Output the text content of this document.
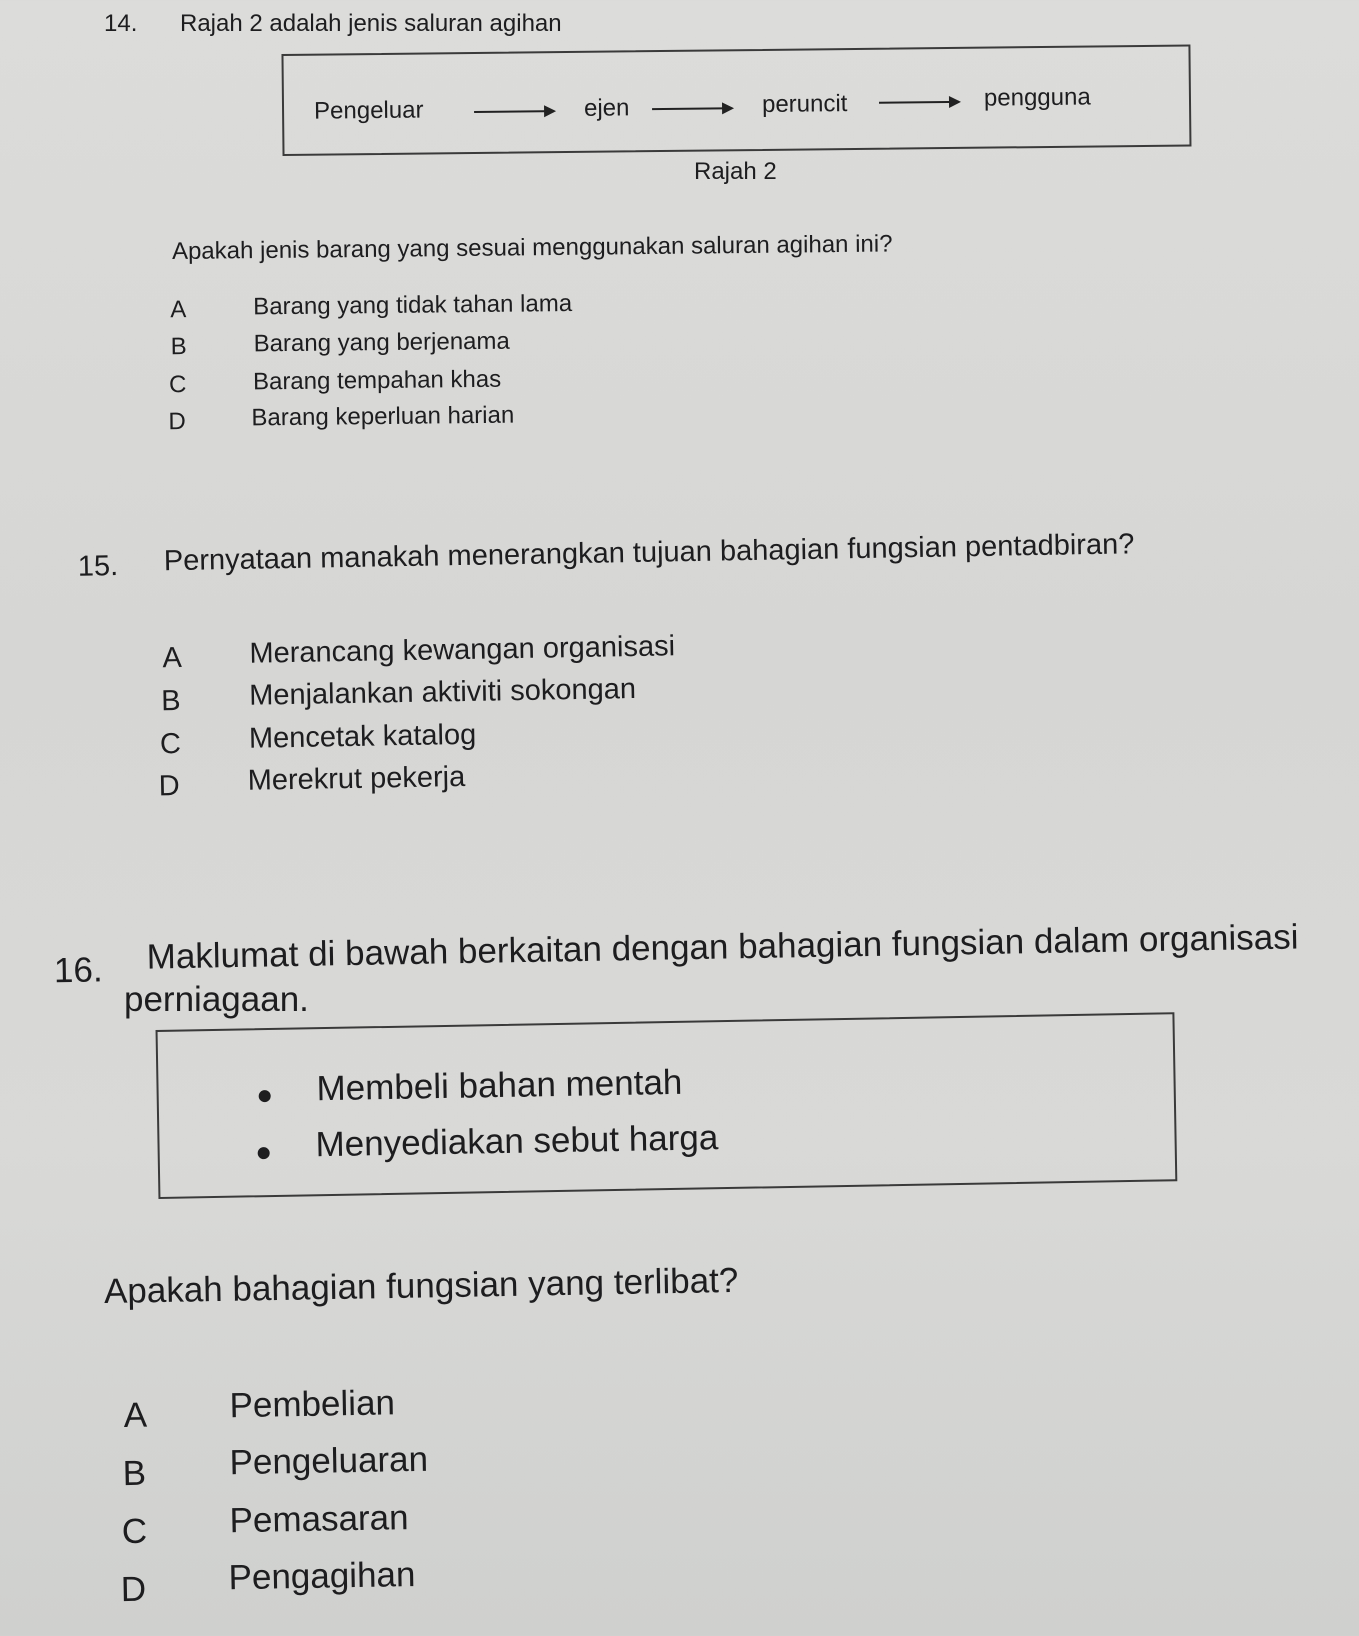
14. Rajah 2 adalah jenis saluran agihan
Pengeluar	ejen	peruncit	pengguna
Rajah 2
Apakah jenis barang yang sesuai menggunakan saluran agihan ini?
A	Barang yang tidak tahan lama
B	Barang yang berjenama
C	Barang tempahan khas
D	Barang keperluan harian
15. Pernyataan manakah menerangkan tujuan bahagian fungsian pentadbiran?
A Merancang kewangan organisasi
B Menjalankan aktiviti sokongan
C Mencetak katalog
D Merekrut pekerja
16. Maklumat di bawah berkaitan dengan bahagian fungsian dalam organisasi
perniagaan.
Membeli bahan mentah
Menyediakan sebut harga
Apakah bahagian fungsian yang terlibat?
A Pembelian
B Pengeluaran
C Pemasaran
D Pengagihan
